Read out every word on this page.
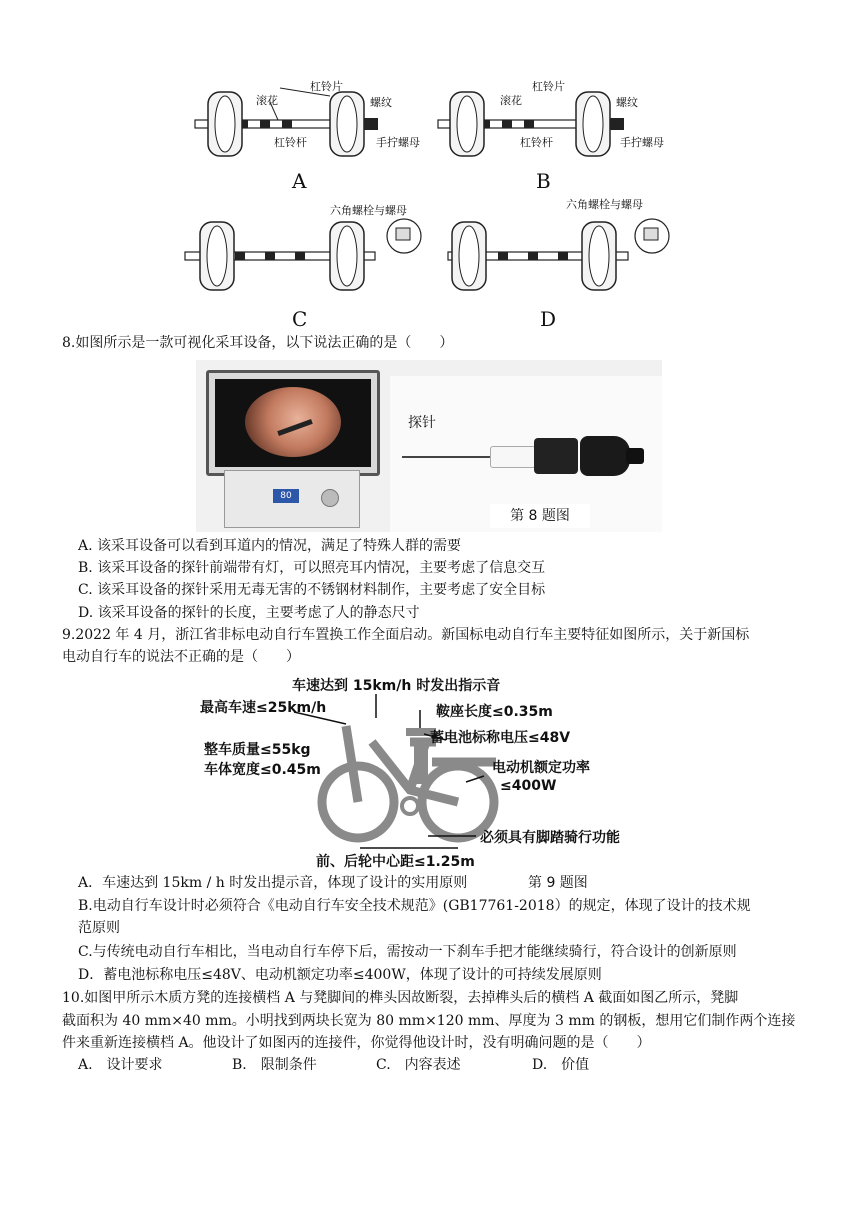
滚花
杠铃片
螺纹
杠铃杆	手拧螺母
A
滚花
杠铃片
螺纹
杠铃杆	手拧螺母
B
六角螺栓与螺母
C
六角螺栓与螺母
D
8.如图所示是一款可视化采耳设备，以下说法正确的是（　　）
80
探针
第 8 题图
A. 该采耳设备可以看到耳道内的情况，满足了特殊人群的需要
B. 该采耳设备的探针前端带有灯，可以照亮耳内情况，主要考虑了信息交互
C. 该采耳设备的探针采用无毒无害的不锈钢材料制作，主要考虑了安全目标
D. 该采耳设备的探针的长度，主要考虑了人的静态尺寸
9.2022 年 4 月，浙江省非标电动自行车置换工作全面启动。新国标电动自行车主要特征如图所示，关于新国标
电动自行车的说法不正确的是（　　）
车速达到 15km/h 时发出指示音
最高车速≤25km/h	鞍座长度≤0.35m
蓄电池标称电压≤48V
整车质量≤55kg
车体宽度≤0.45m	电动机额定功率
≤400W
必须具有脚踏骑行功能
前、后轮中心距≤1.25m
A．车速达到 15km / h 时发出提示音，体现了设计的实用原则	第 9 题图
B.电动自行车设计时必须符合《电动自行车安全技术规范》(GB17761-2018）的规定，体现了设计的技术规
范原则
C.与传统电动自行车相比，当电动自行车停下后，需按动一下刹车手把才能继续骑行，符合设计的创新原则
D．蓄电池标称电压≤48V、电动机额定功率≤400W，体现了设计的可持续发展原则
10.如图甲所示木质方凳的连接横档 A 与凳脚间的榫头因故断裂，去掉榫头后的横档 A 截面如图乙所示，凳脚
截面积为 40 mm×40 mm。小明找到两块长宽为 80 mm×120 mm、厚度为 3 mm 的钢板，想用它们制作两个连接
件来重新连接横档 A。他设计了如图丙的连接件，你觉得他设计时，没有明确问题的是（　　）
A.　设计要求	B.　限制条件	C.　内容表述	D.　价值
